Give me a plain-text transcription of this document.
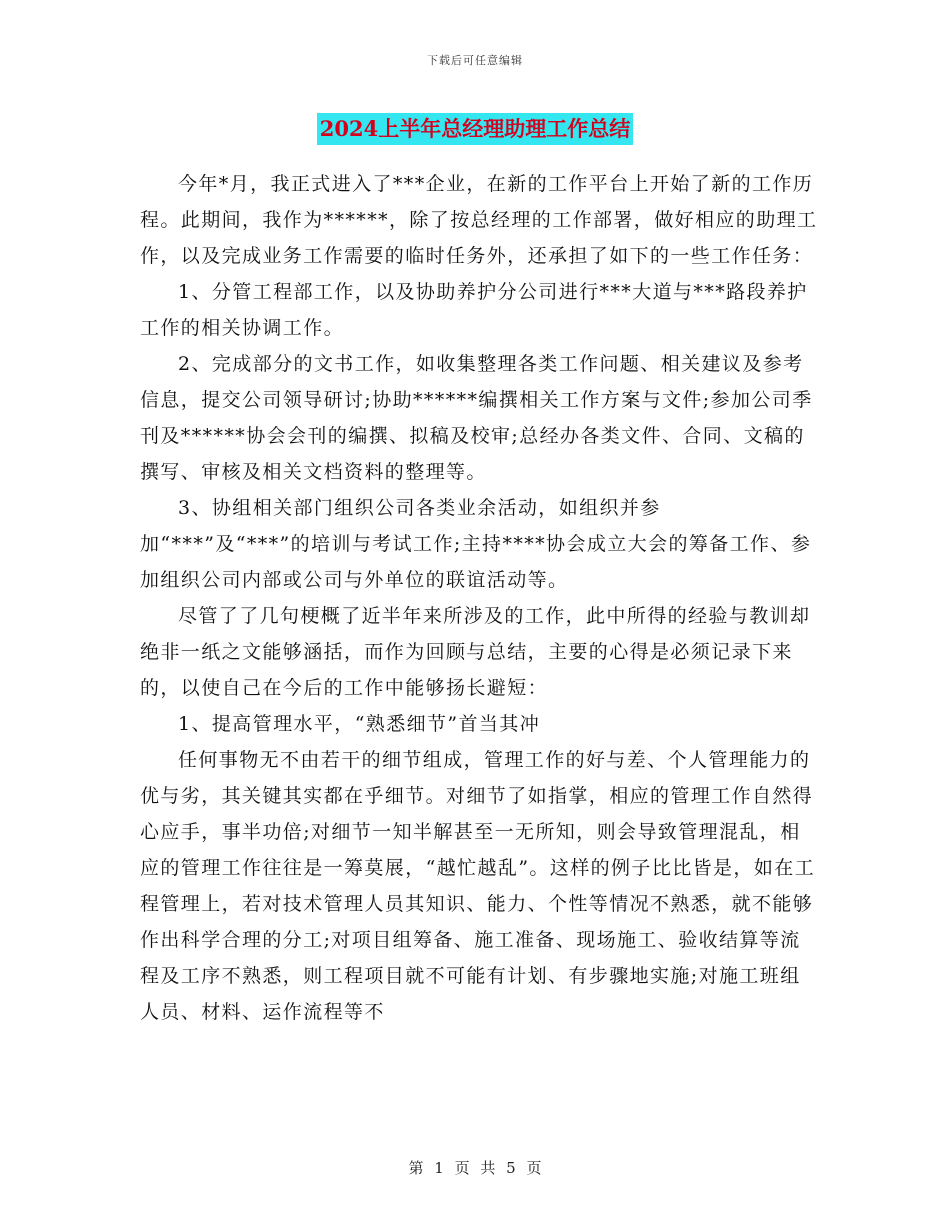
下载后可任意编辑
2024上半年总经理助理工作总结

今年*月，我正式进入了***企业，在新的工作平台上开始了新的工作历程。此期间，我作为******，除了按总经理的工作部署，做好相应的助理工作，以及完成业务工作需要的临时任务外，还承担了如下的一些工作任务：

1、分管工程部工作，以及协助养护分公司进行***大道与***路段养护工作的相关协调工作。

2、完成部分的文书工作，如收集整理各类工作问题、相关建议及参考信息，提交公司领导研讨;协助******编撰相关工作方案与文件;参加公司季刊及******协会会刊的编撰、拟稿及校审;总经办各类文件、合同、文稿的撰写、审核及相关文档资料的整理等。

3、协组相关部门组织公司各类业余活动，如组织并参加“***”及“***”的培训与考试工作;主持****协会成立大会的筹备工作、参加组织公司内部或公司与外单位的联谊活动等。

尽管了了几句梗概了近半年来所涉及的工作，此中所得的经验与教训却绝非一纸之文能够涵括，而作为回顾与总结，主要的心得是必须记录下来的，以使自己在今后的工作中能够扬长避短：

1、提高管理水平，“熟悉细节”首当其冲

任何事物无不由若干的细节组成，管理工作的好与差、个人管理能力的优与劣，其关键其实都在乎细节。对细节了如指掌，相应的管理工作自然得心应手，事半功倍;对细节一知半解甚至一无所知，则会导致管理混乱，相应的管理工作往往是一筹莫展，“越忙越乱”。这样的例子比比皆是，如在工程管理上，若对技术管理人员其知识、能力、个性等情况不熟悉，就不能够作出科学合理的分工;对项目组筹备、施工准备、现场施工、验收结算等流程及工序不熟悉，则工程项目就不可能有计划、有步骤地实施;对施工班组人员、材料、运作流程等不

第 1 页 共 5 页
